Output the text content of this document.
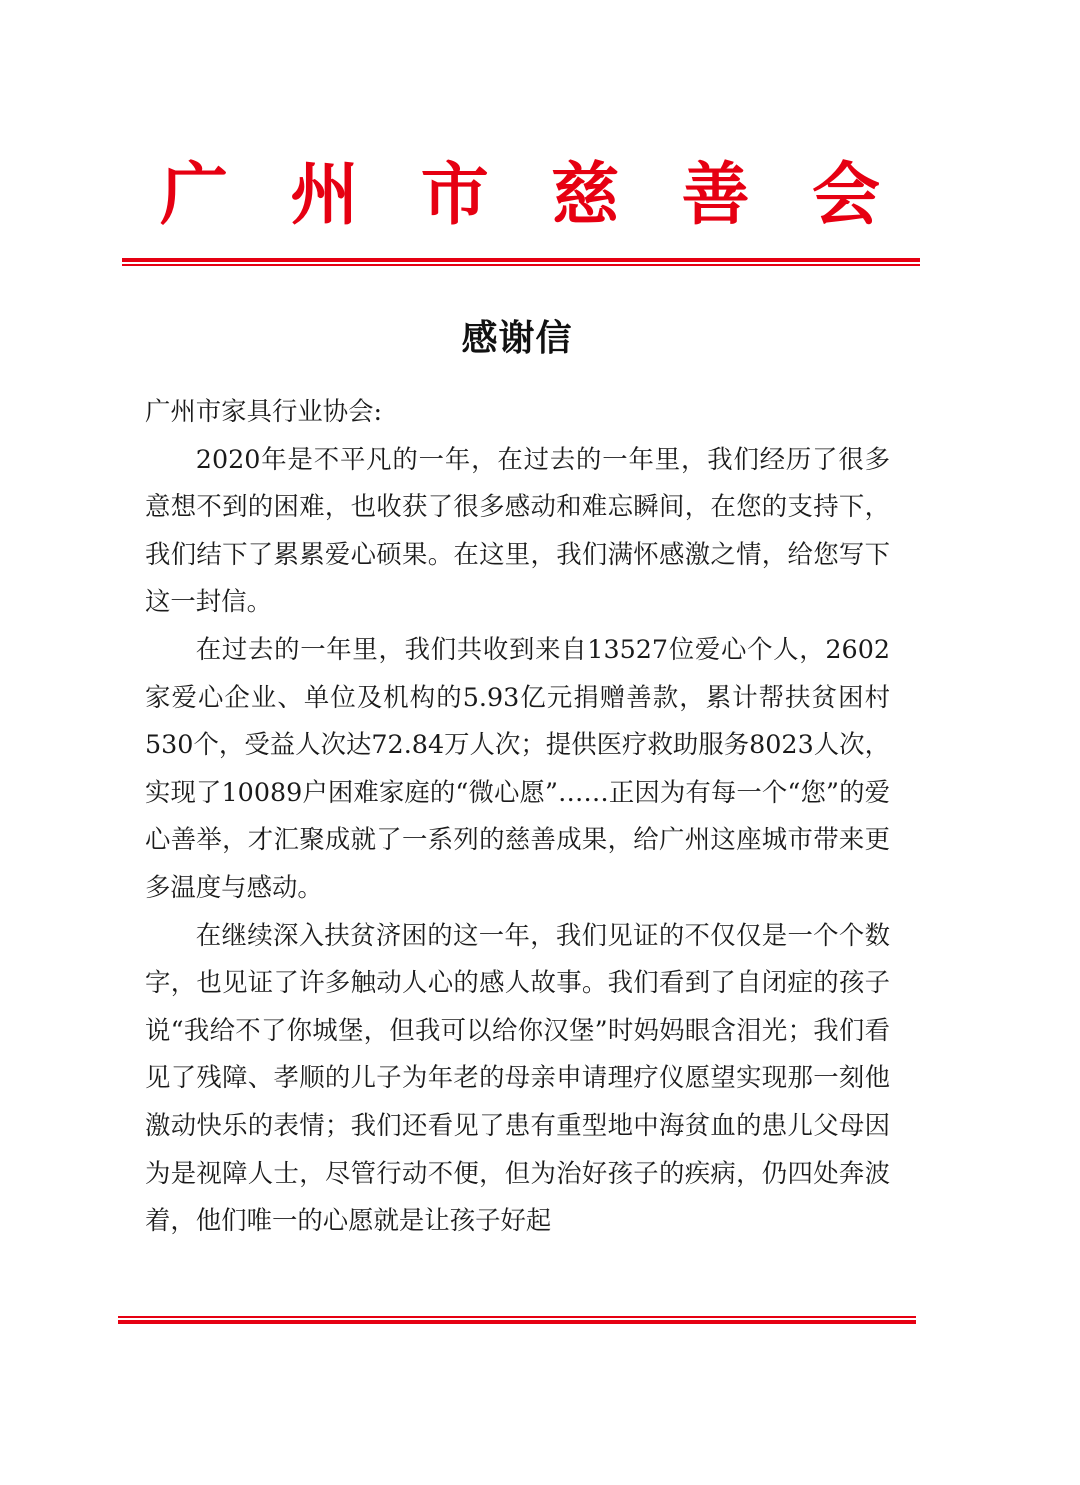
广 州 市 慈 善 会
感谢信

广州市家具行业协会:

2020年是不平凡的一年，在过去的一年里，我们经历了很多意想不到的困难，也收获了很多感动和难忘瞬间，在您的支持下，我们结下了累累爱心硕果。在这里，我们满怀感激之情，给您写下这一封信。

在过去的一年里，我们共收到来自13527位爱心个人，2602家爱心企业、单位及机构的5.93亿元捐赠善款，累计帮扶贫困村530个，受益人次达72.84万人次；提供医疗救助服务8023人次，实现了10089户困难家庭的“微心愿”……正因为有每一个“您”的爱心善举，才汇聚成就了一系列的慈善成果，给广州这座城市带来更多温度与感动。

在继续深入扶贫济困的这一年，我们见证的不仅仅是一个个数字，也见证了许多触动人心的感人故事。我们看到了自闭症的孩子说“我给不了你城堡，但我可以给你汉堡”时妈妈眼含泪光；我们看见了残障、孝顺的儿子为年老的母亲申请理疗仪愿望实现那一刻他激动快乐的表情；我们还看见了患有重型地中海贫血的患儿父母因为是视障人士，尽管行动不便，但为治好孩子的疾病，仍四处奔波着，他们唯一的心愿就是让孩子好起
